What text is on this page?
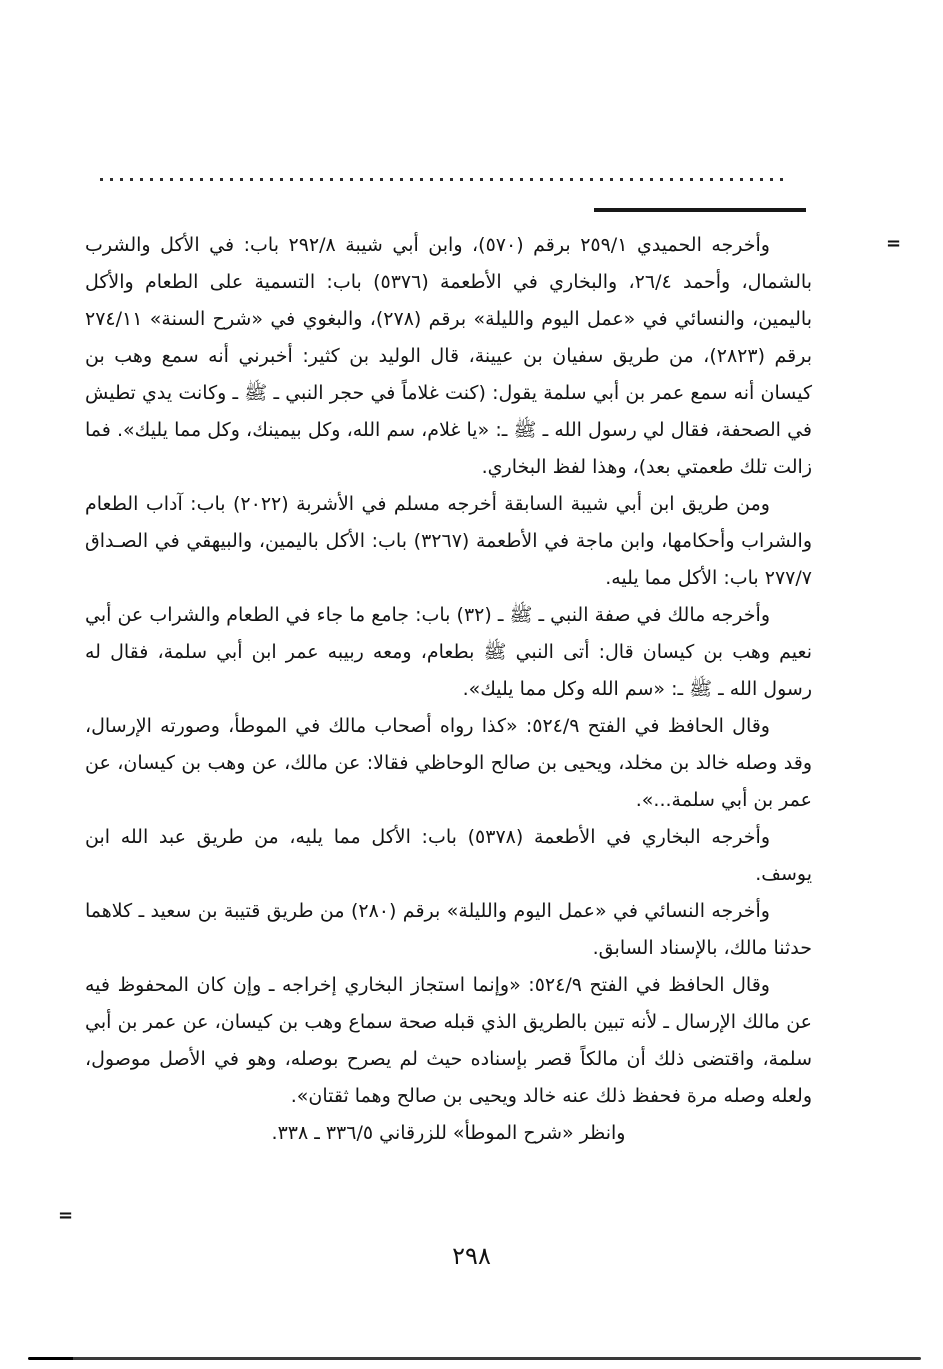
=

وأخرجه الحميدي ٢٥٩/١ برقم (٥٧٠)، وابن أبي شيبة ٢٩٢/٨ باب: في الأكل والشرب بالشمال، وأحمد ٢٦/٤، والبخاري في الأطعمة (٥٣٧٦) باب: التسمية على الطعام والأكل باليمين، والنسائي في «عمل اليوم والليلة» برقم (٢٧٨)، والبغوي في «شرح السنة» ٢٧٤/١١ برقم (٢٨٢٣)، من طريق سفيان بن عيينة، قال الوليد بن كثير: أخبرني أنه سمع وهب بن كيسان أنه سمع عمر بن أبي سلمة يقول: (كنت غلاماً في حجر النبي ـ ﷺ ـ وكانت يدي تطيش في الصحفة، فقال لي رسول الله ـ ﷺ ـ: «يا غلام، سم الله، وكل بيمينك، وكل مما يليك». فما زالت تلك طعمتي بعد)، وهذا لفظ البخاري.

ومن طريق ابن أبي شيبة السابقة أخرجه مسلم في الأشربة (٢٠٢٢) باب: آداب الطعام والشراب وأحكامها، وابن ماجة في الأطعمة (٣٢٦٧) باب: الأكل باليمين، والبيهقي في الصـداق ٢٧٧/٧ باب: الأكل مما يليه.

وأخرجه مالك في صفة النبي ـ ﷺ ـ (٣٢) باب: جامع ما جاء في الطعام والشراب عن أبي نعيم وهب بن كيسان قال: أتى النبي ﷺ بطعام، ومعه ربيبه عمر ابن أبي سلمة، فقال له رسول الله ـ ﷺ ـ: «سم الله وكل مما يليك».

وقال الحافظ في الفتح ٥٢٤/٩: «كذا رواه أصحاب مالك في الموطأ، وصورته الإرسال، وقد وصله خالد بن مخلد، ويحيى بن صالح الوحاظي فقالا: عن مالك، عن وهب بن كيسان، عن عمر بن أبي سلمة...».

وأخرجه البخاري في الأطعمة (٥٣٧٨) باب: الأكل مما يليه، من طريق عبد الله ابن يوسف.

وأخرجه النسائي في «عمل اليوم والليلة» برقم (٢٨٠) من طريق قتيبة بن سعيد ـ كلاهما حدثنا مالك، بالإسناد السابق.

وقال الحافظ في الفتح ٥٢٤/٩: «وإنما استجاز البخاري إخراجه ـ وإن كان المحفوظ فيه عن مالك الإرسال ـ لأنه تبين بالطريق الذي قبله صحة سماع وهب بن كيسان، عن عمر بن أبي سلمة، واقتضى ذلك أن مالكاً قصر بإسناده حيث لم يصرح بوصله، وهو في الأصل موصول، ولعله وصله مرة فحفظ ذلك عنه خالد ويحيى بن صالح وهما ثقتان».

وانظر «شرح الموطأ» للزرقاني ٣٣٦/٥ ـ ٣٣٨.

=
٢٩٨
